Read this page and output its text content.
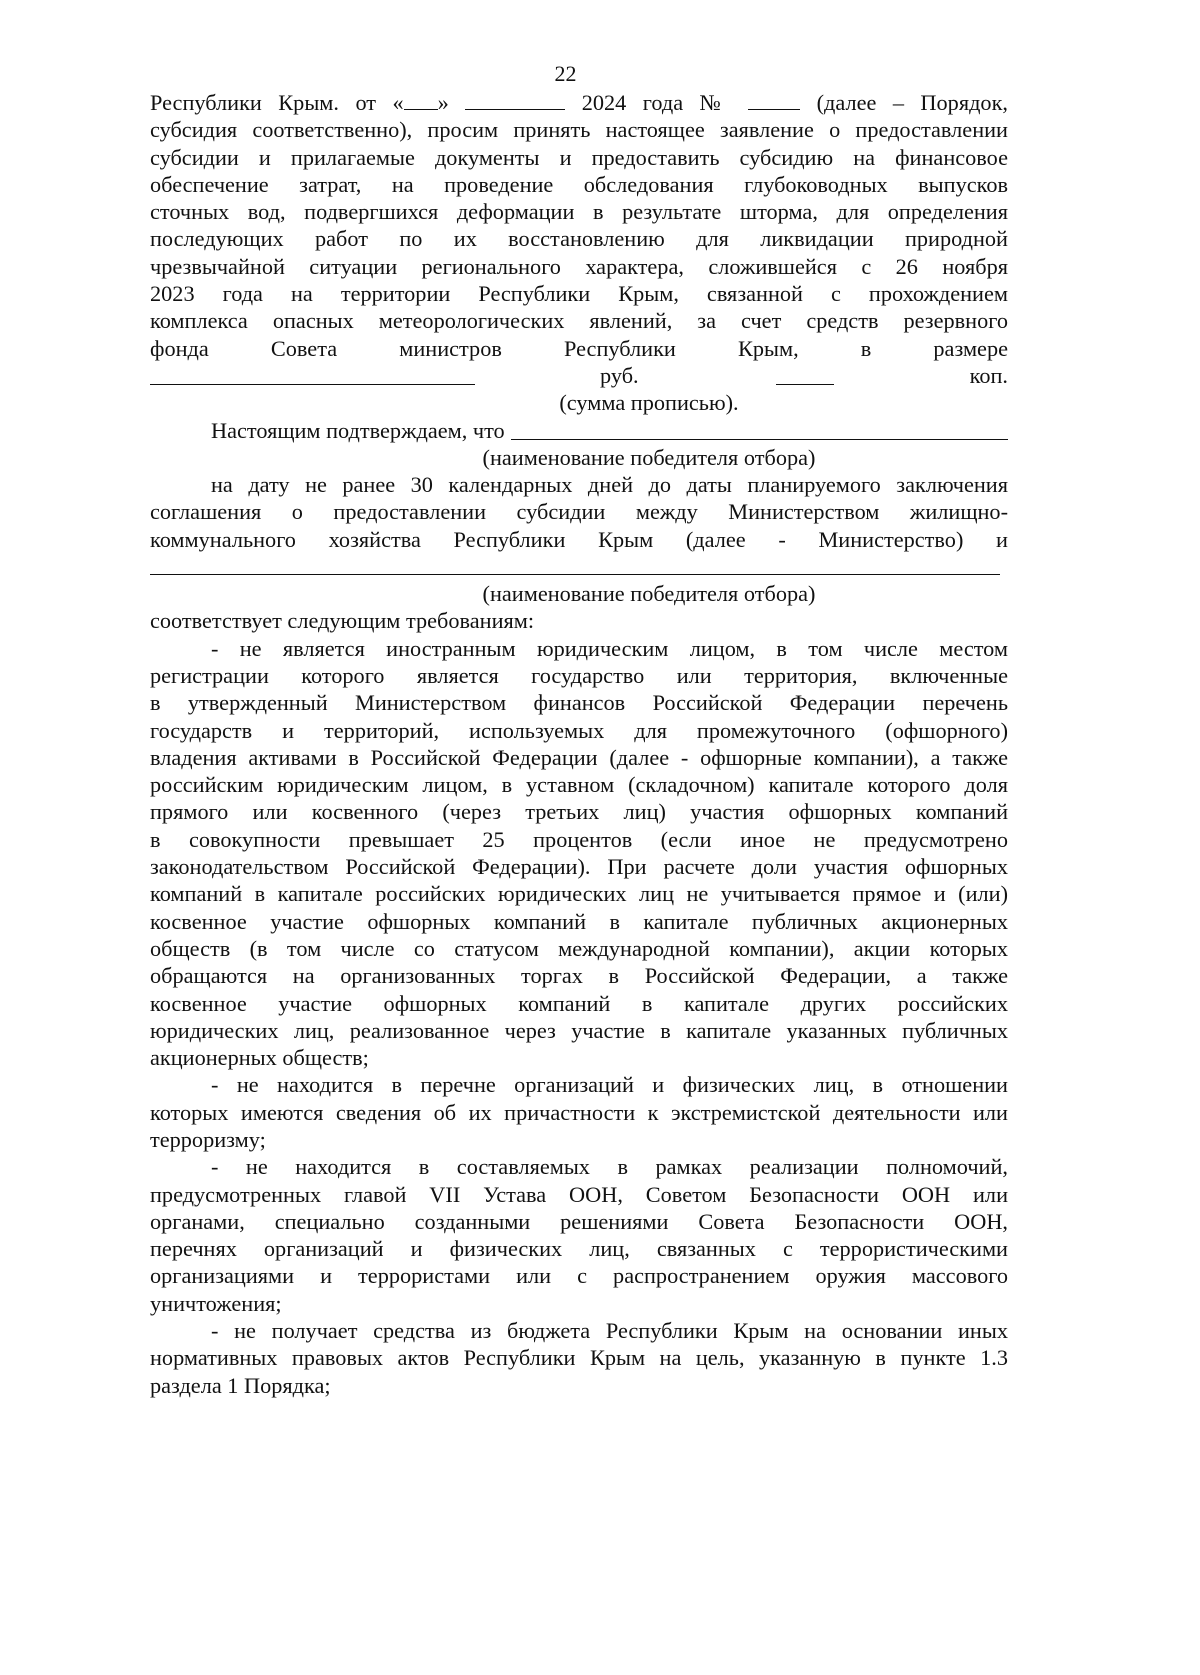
22
Республики Крым. от « »	2024 года №	(далее – Порядок,
субсидия соответственно), просим принять настоящее заявление о предоставлении
субсидии и прилагаемые документы и предоставить субсидию на финансовое
обеспечение затрат, на проведение обследования глубоководных выпусков
сточных вод, подвергшихся деформации в результате шторма, для определения
последующих работ по их восстановлению для ликвидации природной
чрезвычайной ситуации регионального характера, сложившейся с 26 ноября
2023 года на территории Республики Крым, связанной с прохождением
комплекса опасных метеорологических явлений, за счет средств резервного
фонда Совета министров Республики Крым, в размере
руб.	коп.
(сумма прописью).
Настоящим подтверждаем, что
(наименование победителя отбора)
на дату не ранее 30 календарных дней до даты планируемого заключения
соглашения о предоставлении субсидии между Министерством жилищно-
коммунального хозяйства Республики Крым (далее - Министерство) и
(наименование победителя отбора)
соответствует следующим требованиям:
- не является иностранным юридическим лицом, в том числе местом
регистрации которого является государство или территория, включенные
в утвержденный Министерством финансов Российской Федерации перечень
государств и территорий, используемых для промежуточного (офшорного)
владения активами в Российской Федерации (далее - офшорные компании), а также
российским юридическим лицом, в уставном (складочном) капитале которого доля
прямого или косвенного (через третьих лиц) участия офшорных компаний
в совокупности превышает 25 процентов (если иное не предусмотрено
законодательством Российской Федерации). При расчете доли участия офшорных
компаний в капитале российских юридических лиц не учитывается прямое и (или)
косвенное участие офшорных компаний в капитале публичных акционерных
обществ (в том числе со статусом международной компании), акции которых
обращаются на организованных торгах в Российской Федерации, а также
косвенное участие офшорных компаний в капитале других российских
юридических лиц, реализованное через участие в капитале указанных публичных
акционерных обществ;
- не находится в перечне организаций и физических лиц, в отношении
которых имеются сведения об их причастности к экстремистской деятельности или
терроризму;
- не находится в составляемых в рамках реализации полномочий,
предусмотренных главой VII Устава ООН, Советом Безопасности ООН или
органами, специально созданными решениями Совета Безопасности ООН,
перечнях организаций и физических лиц, связанных с террористическими
организациями и террористами или с распространением оружия массового
уничтожения;
- не получает средства из бюджета Республики Крым на основании иных
нормативных правовых актов Республики Крым на цель, указанную в пункте 1.3
раздела 1 Порядка;
